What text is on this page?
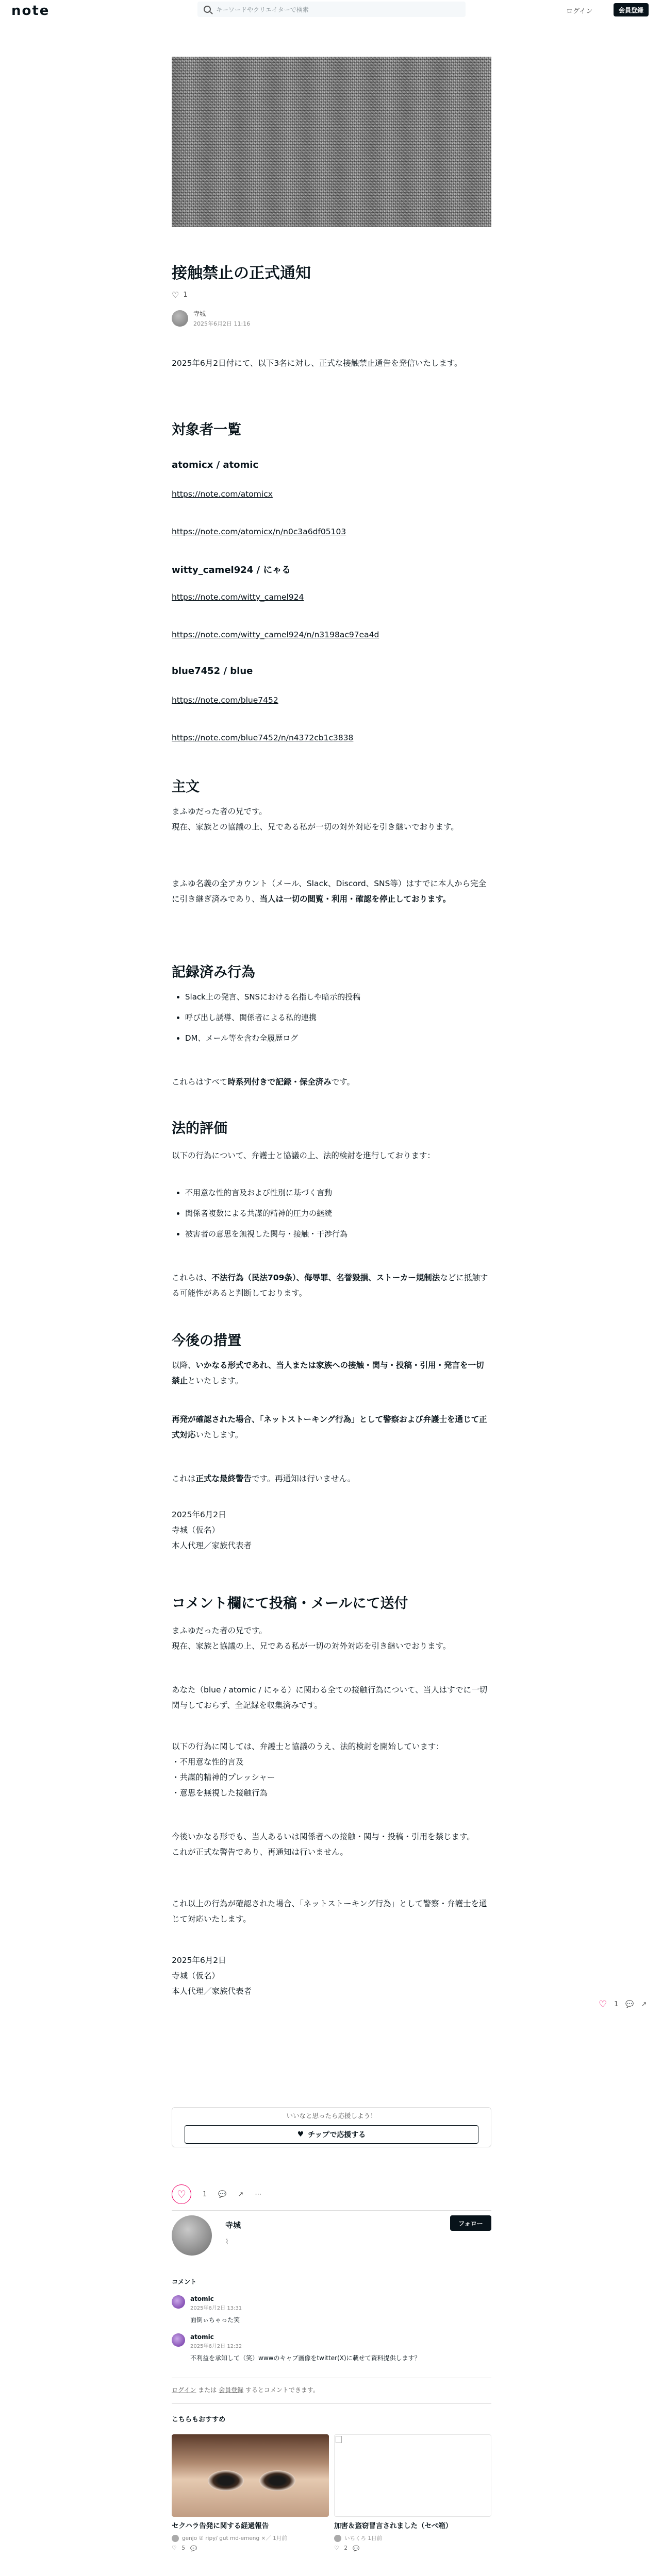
note	キーワードやクリエイターで検索	ログイン	会員登録
接触禁止の正式通知
♡ 1
寺城
2025年6月2日 11:16
2025年6月2日付にて、以下3名に対し、正式な接触禁止通告を発信いたします。
対象者一覧
atomicx / atomic
https://note.com/atomicx
https://note.com/atomicx/n/n0c3a6df05103
witty_camel924 / にゃる
https://note.com/witty_camel924
https://note.com/witty_camel924/n/n3198ac97ea4d
blue7452 / blue
https://note.com/blue7452
https://note.com/blue7452/n/n4372cb1c3838
主文
まふゆだった者の兄です。
現在、家族との協議の上、兄である私が一切の対外対応を引き継いでおります。
まふゆ名義の全アカウント（メール、Slack、Discord、SNS等）はすでに本人から完全に引き継ぎ済みであり、当人は一切の閲覧・利用・確認を停止しております。
記録済み行為
• Slack上の発言、SNSにおける名指しや暗示的投稿
• 呼び出し誘導、関係者による私的連携
• DM、メール等を含む全履歴ログ
これらはすべて時系列付きで記録・保全済みです。
法的評価
以下の行為について、弁護士と協議の上、法的検討を進行しております：
• 不用意な性的言及および性別に基づく言動
• 関係者複数による共謀的精神的圧力の継続
• 被害者の意思を無視した関与・接触・干渉行為
これらは、不法行為（民法709条）、侮辱罪、名誉毀損、ストーカー規制法などに抵触する可能性があると判断しております。
今後の措置
以降、いかなる形式であれ、当人または家族への接触・関与・投稿・引用・発言を一切禁止といたします。
再発が確認された場合、「ネットストーキング行為」として警察および弁護士を通じて正式対応いたします。
これは正式な最終警告です。再通知は行いません。
2025年6月2日
寺城（仮名）
本人代理／家族代表者
コメント欄にて投稿・メールにて送付
まふゆだった者の兄です。
現在、家族と協議の上、兄である私が一切の対外対応を引き継いでおります。
あなた（blue / atomic / にゃる）に関わる全ての接触行為について、当人はすでに一切関与しておらず、全記録を収集済みです。
以下の行為に関しては、弁護士と協議のうえ、法的検討を開始しています：
・不用意な性的言及
・共謀的精神的プレッシャー
・意思を無視した接触行為
今後いかなる形でも、当人あるいは関係者への接触・関与・投稿・引用を禁じます。
これが正式な警告であり、再通知は行いません。
これ以上の行為が確認された場合、「ネットストーキング行為」として警察・弁護士を通じて対応いたします。
2025年6月2日
寺城（仮名）
本人代理／家族代表者
♡ 1 💬 ↗
いいなと思ったら応援しよう！
♥ チップで応援する
♡	1 💬 ↗ ⋯
寺城
⌇
フォロー
コメント
atomic
2025年6月2日 13:31
面倒ぃちゃった笑
atomic
2025年6月2日 12:32
不利益を承知して（笑）wwwのキャプ画像をtwitter(X)に載せて資料提供します？
ログイン または 会員登録 するとコメントできます。
こちらもおすすめ
セクハラ告発に関する経過報告
genjo ② ripy/ gut md-emeng ×／ 1月前
♡ 5 💬
加害＆盗窃冒言されました（セベ箱）
いちくろ 1日前
♡ 2 💬
